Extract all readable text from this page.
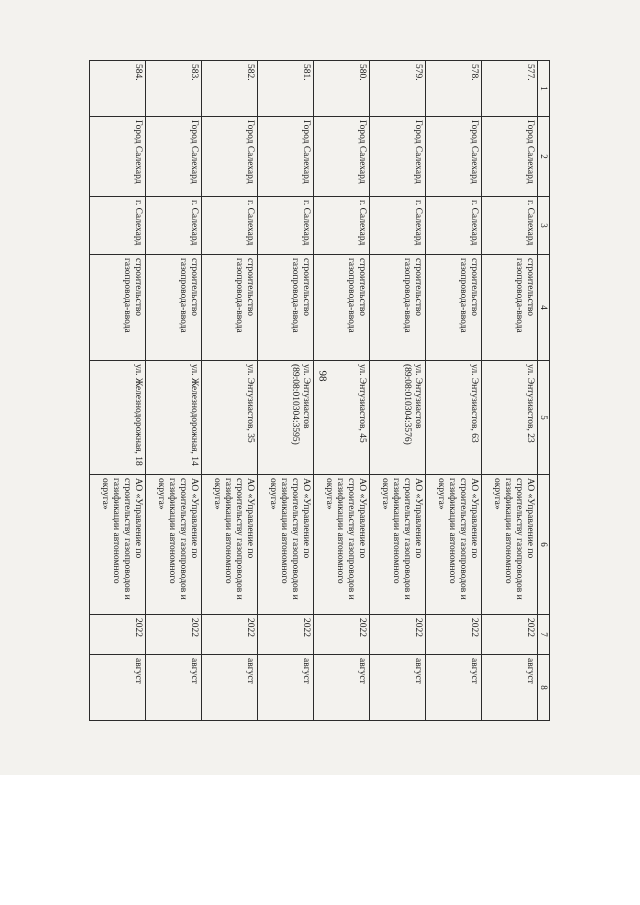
98
1	2	3	4	5	6	7	8
577.	Город Салехард	г. Салехард	строительство газопровода-ввода	ул. Энтузиастов, 23	АО «Управление по строительству газопроводов и газификации автономного округа»	2022	август
578.	Город Салехард	г. Салехард	строительство газопровода-ввода	ул. Энтузиастов, 63	АО «Управление по строительству газопроводов и газификации автономного округа»	2022	август
579.	Город Салехард	г. Салехард	строительство газопровода-ввода	ул. Энтузиастов (89:08:010304:3576)	АО «Управление по строительству газопроводов и газификации автономного округа»	2022	август
580.	Город Салехард	г. Салехард	строительство газопровода-ввода	ул. Энтузиастов, 45	АО «Управление по строительству газопроводов и газификации автономного округа»	2022	август
581.	Город Салехард	г. Салехард	строительство газопровода-ввода	ул. Энтузиастов (89:08:010304:3595)	АО «Управление по строительству газопроводов и газификации автономного округа»	2022	август
582.	Город Салехард	г. Салехард	строительство газопровода-ввода	ул. Энтузиастов, 35	АО «Управление по строительству газопроводов и газификации автономного округа»	2022	август
583.	Город Салехард	г. Салехард	строительство газопровода-ввода	ул. Железнодорожная, 14	АО «Управление по строительству газопроводов и газификации автономного округа»	2022	август
584.	Город Салехард	г. Салехард	строительство газопровода-ввода	ул. Железнодорожная, 18	АО «Управление по строительству газопроводов и газификации автономного округа»	2022	август
